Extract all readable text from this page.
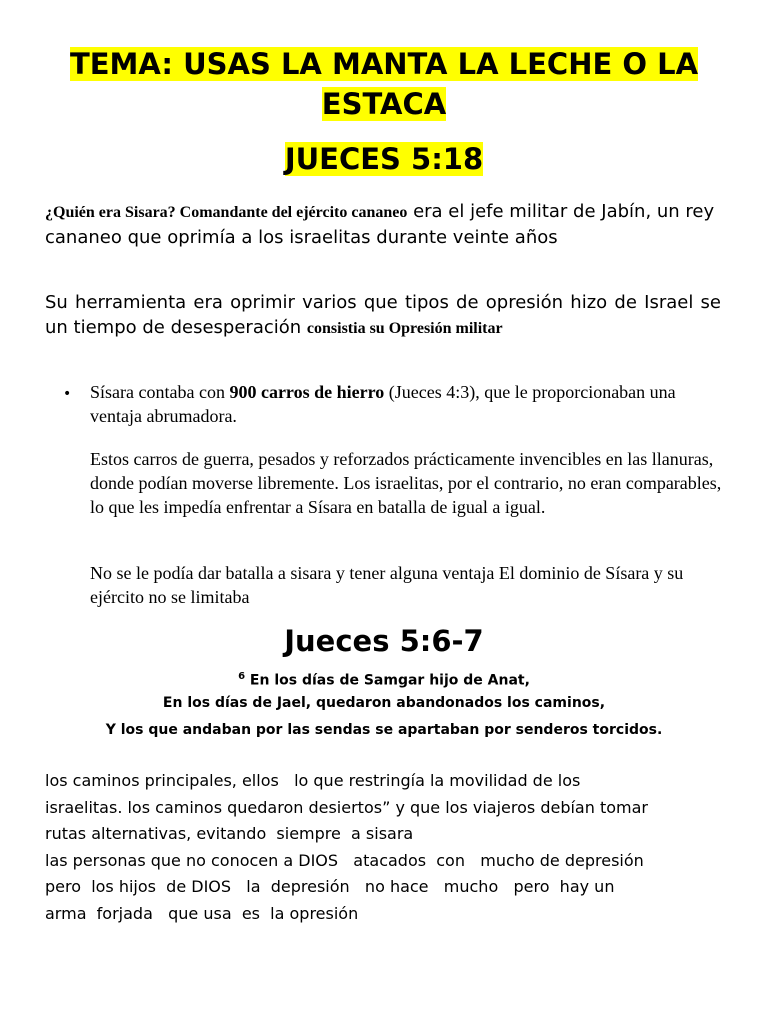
TEMA: USAS LA MANTA LA LECHE O LA ESTACA
JUECES 5:18
¿Quién era Sisara? Comandante del ejército cananeo era el jefe militar de Jabín, un rey cananeo que oprimía a los israelitas durante veinte años
Su herramienta era oprimir varios que tipos de opresión hizo de Israel se un tiempo de desesperación consistia su Opresión militar
• Sísara contaba con 900 carros de hierro (Jueces 4:3), que le proporcionaban una ventaja abrumadora.
Estos carros de guerra, pesados y reforzados prácticamente invencibles en las llanuras, donde podían moverse libremente. Los israelitas, por el contrario, no eran comparables, lo que les impedía enfrentar a Sísara en batalla de igual a igual.
No se le podía dar batalla a sisara y tener alguna ventaja El dominio de Sísara y su ejército no se limitaba
Jueces 5:6-7
$^6$ En los días de Samgar hijo de Anat,
En los días de Jael, quedaron abandonados los caminos,
Y los que andaban por las sendas se apartaban por senderos torcidos.
los caminos principales, ellos   lo que restringía la movilidad de los
israelitas. los caminos quedaron desiertos” y que los viajeros debían tomar
rutas alternativas, evitando  siempre  a sisara
las personas que no conocen a DIOS   atacados  con   mucho de depresión
pero  los hijos  de DIOS   la  depresión   no hace   mucho   pero  hay un
arma  forjada   que usa  es  la opresión
